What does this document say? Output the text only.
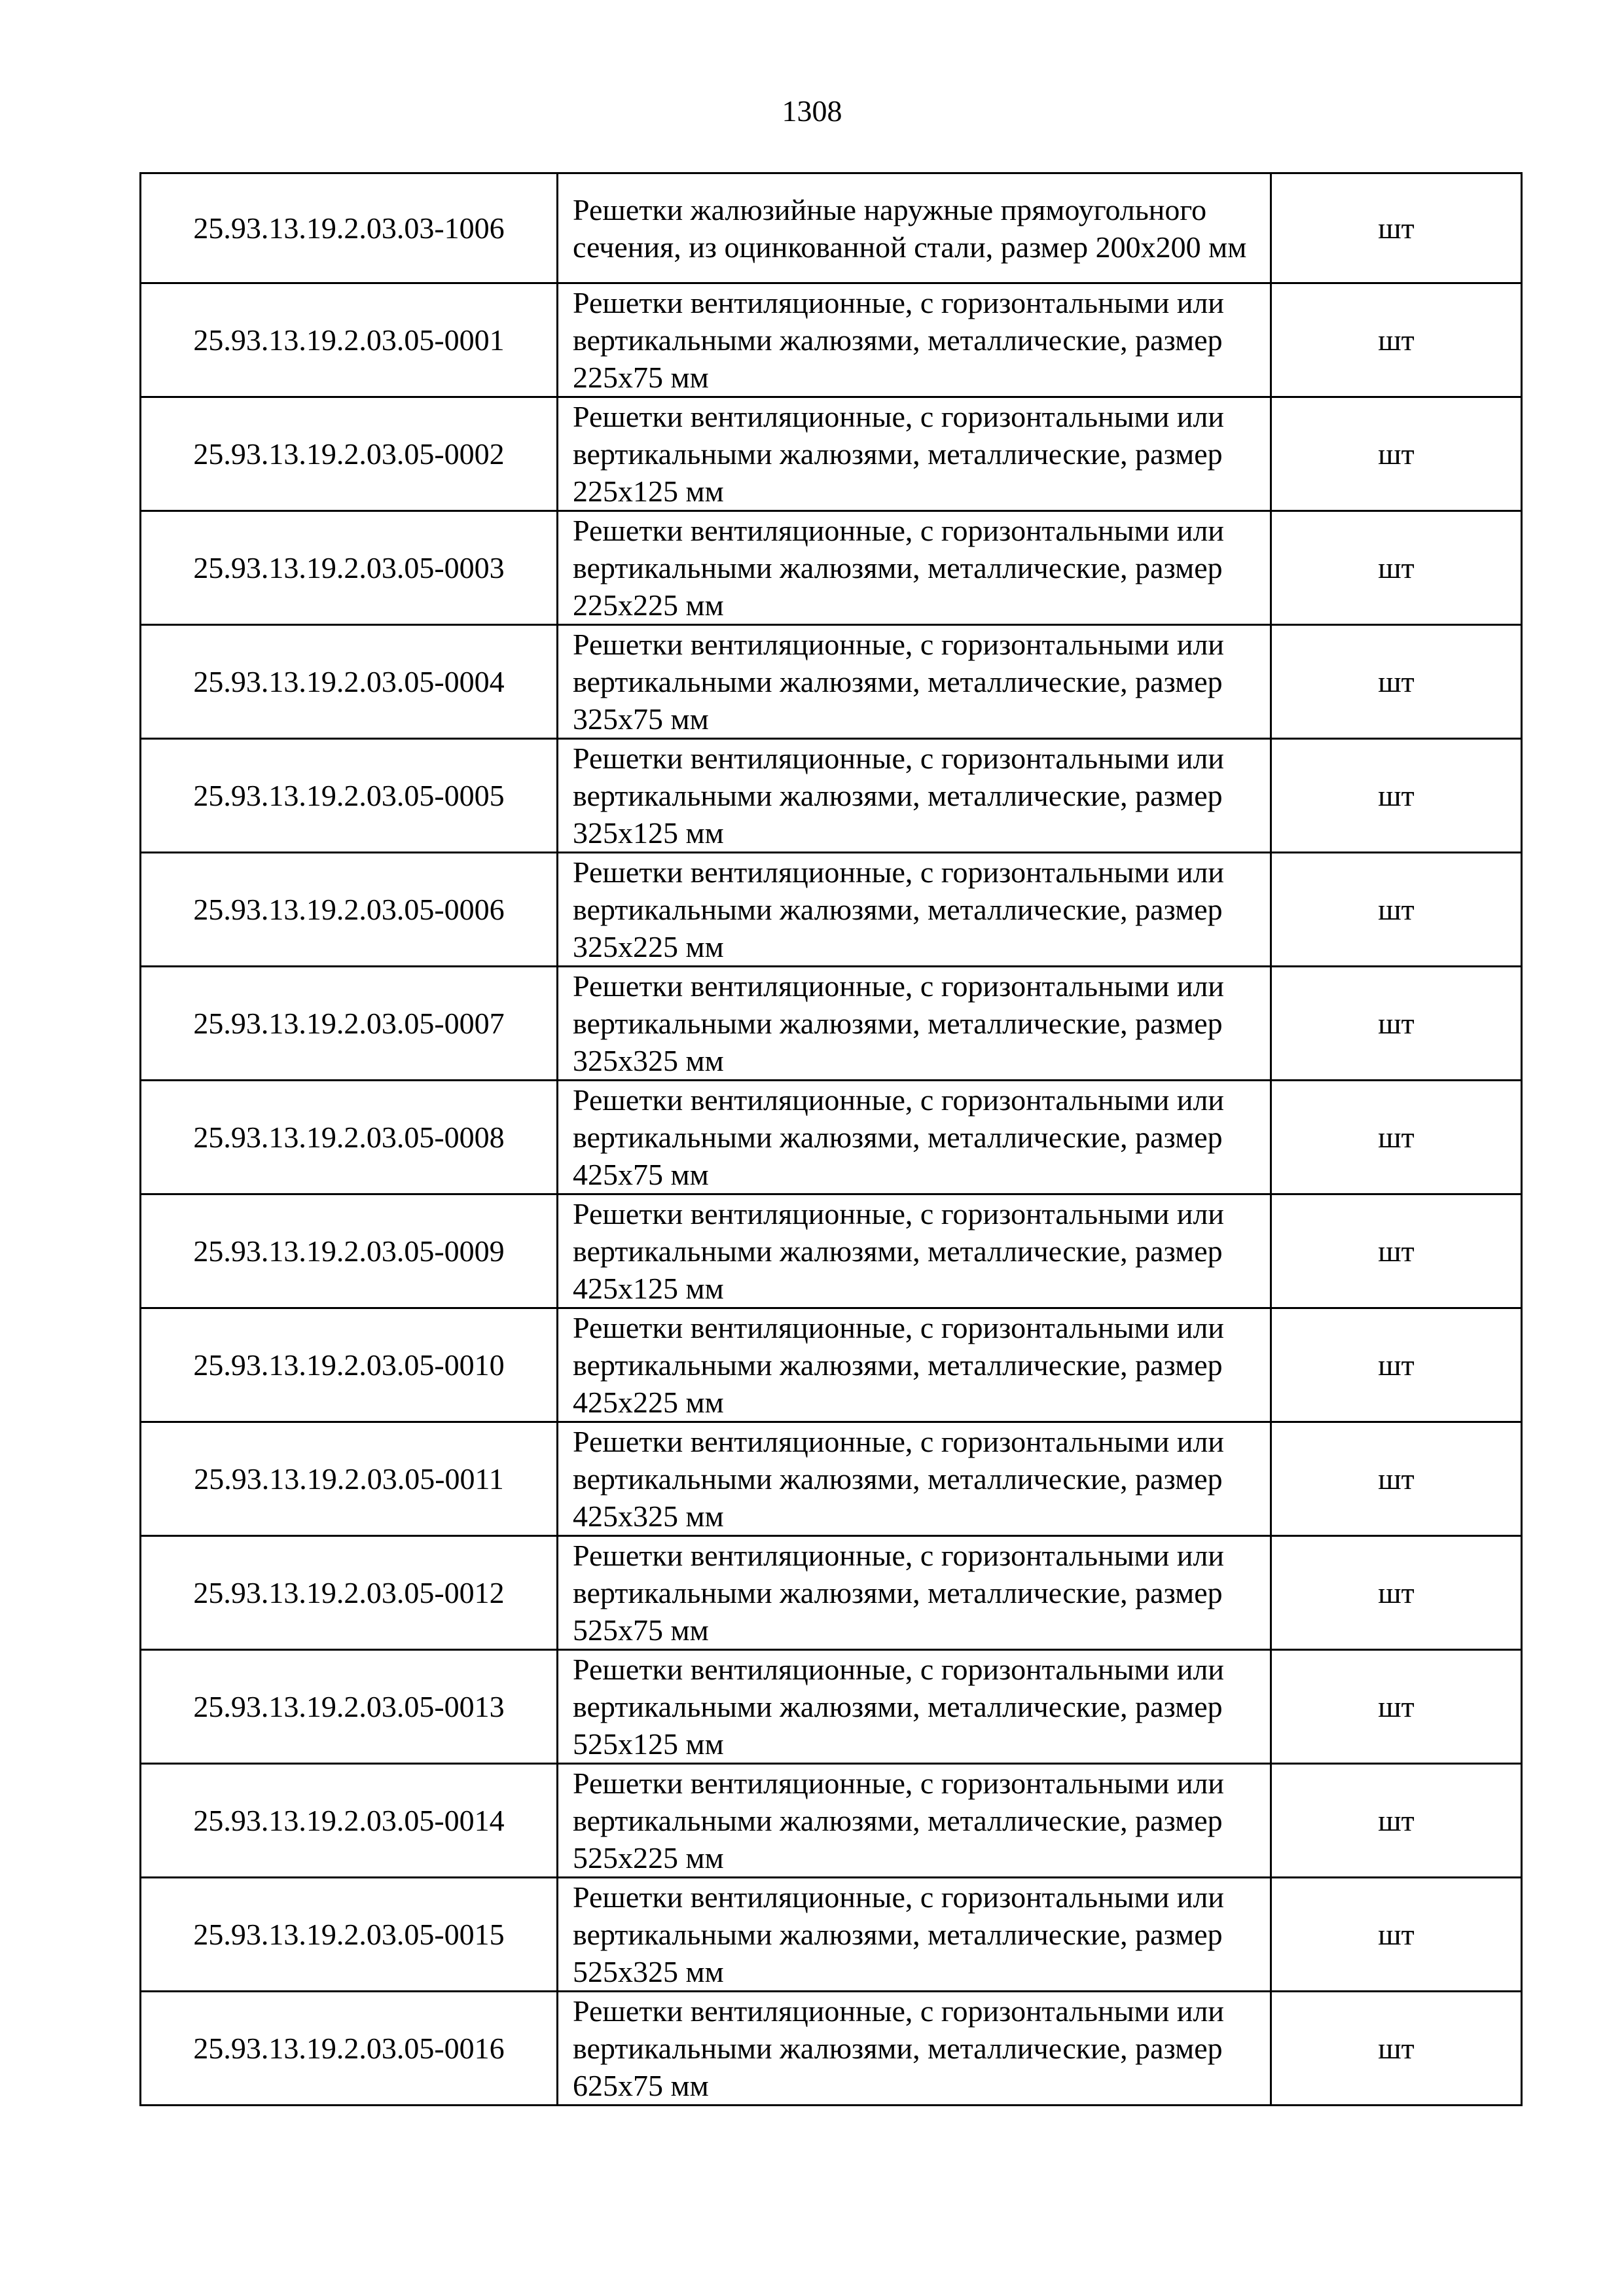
1308
25.93.13.19.2.03.03-1006	Решетки жалюзийные наружные прямоугольного сечения, из оцинкованной стали, размер 200х200 мм	шт
25.93.13.19.2.03.05-0001	Решетки вентиляционные, с горизонтальными или вертикальными жалюзями, металлические, размер 225х75 мм	шт
25.93.13.19.2.03.05-0002	Решетки вентиляционные, с горизонтальными или вертикальными жалюзями, металлические, размер 225х125 мм	шт
25.93.13.19.2.03.05-0003	Решетки вентиляционные, с горизонтальными или вертикальными жалюзями, металлические, размер 225х225 мм	шт
25.93.13.19.2.03.05-0004	Решетки вентиляционные, с горизонтальными или вертикальными жалюзями, металлические, размер 325х75 мм	шт
25.93.13.19.2.03.05-0005	Решетки вентиляционные, с горизонтальными или вертикальными жалюзями, металлические, размер 325х125 мм	шт
25.93.13.19.2.03.05-0006	Решетки вентиляционные, с горизонтальными или вертикальными жалюзями, металлические, размер 325х225 мм	шт
25.93.13.19.2.03.05-0007	Решетки вентиляционные, с горизонтальными или вертикальными жалюзями, металлические, размер 325х325 мм	шт
25.93.13.19.2.03.05-0008	Решетки вентиляционные, с горизонтальными или вертикальными жалюзями, металлические, размер 425х75 мм	шт
25.93.13.19.2.03.05-0009	Решетки вентиляционные, с горизонтальными или вертикальными жалюзями, металлические, размер 425х125 мм	шт
25.93.13.19.2.03.05-0010	Решетки вентиляционные, с горизонтальными или вертикальными жалюзями, металлические, размер 425х225 мм	шт
25.93.13.19.2.03.05-0011	Решетки вентиляционные, с горизонтальными или вертикальными жалюзями, металлические, размер 425х325 мм	шт
25.93.13.19.2.03.05-0012	Решетки вентиляционные, с горизонтальными или вертикальными жалюзями, металлические, размер 525х75 мм	шт
25.93.13.19.2.03.05-0013	Решетки вентиляционные, с горизонтальными или вертикальными жалюзями, металлические, размер 525х125 мм	шт
25.93.13.19.2.03.05-0014	Решетки вентиляционные, с горизонтальными или вертикальными жалюзями, металлические, размер 525х225 мм	шт
25.93.13.19.2.03.05-0015	Решетки вентиляционные, с горизонтальными или вертикальными жалюзями, металлические, размер 525х325 мм	шт
25.93.13.19.2.03.05-0016	Решетки вентиляционные, с горизонтальными или вертикальными жалюзями, металлические, размер 625х75 мм	шт
